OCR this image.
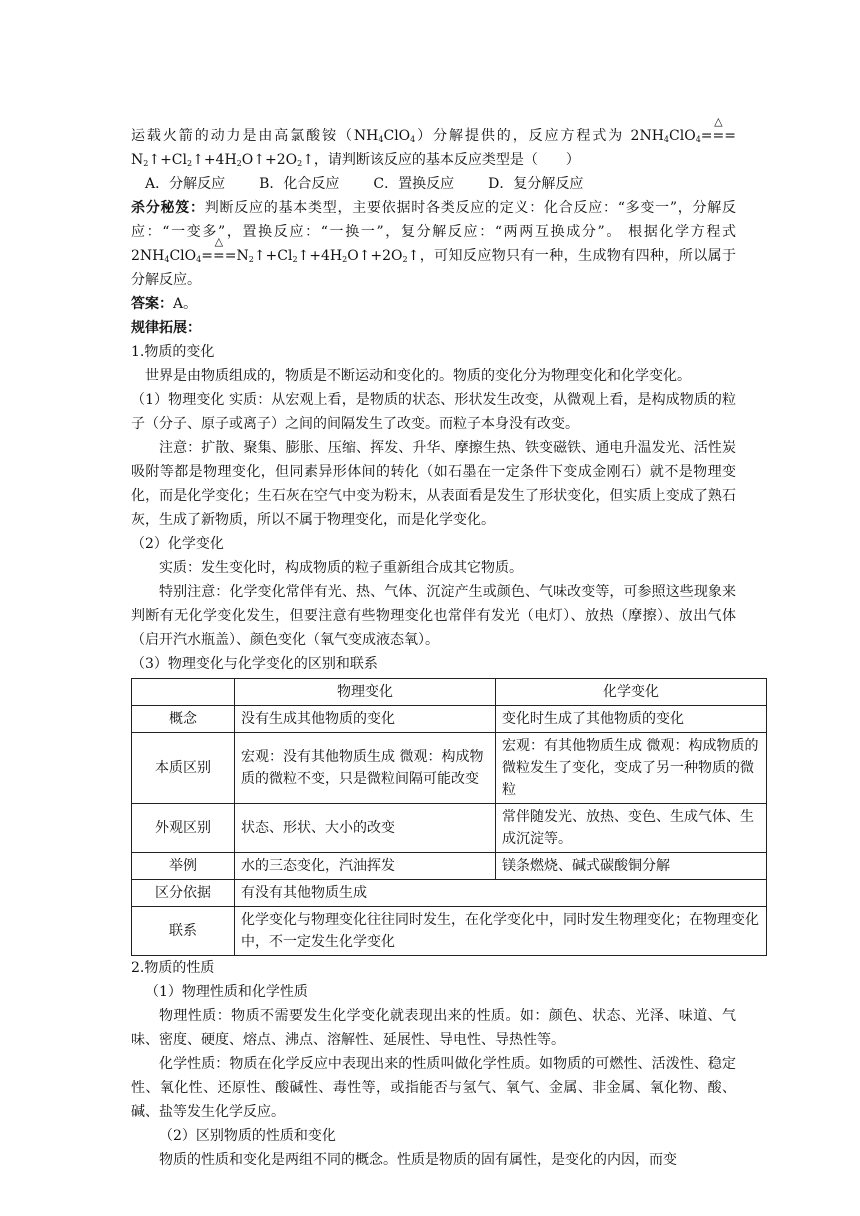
运载火箭的动力是由高氯酸铵$(NH_4ClO_4)$分解提供的，反应方程式为 $2NH_4ClO_4\triangle$ $===N_2↑+Cl_2↑+4H_2O↑+2O_2↑$，请判断该反应的基本反应类型是（　　）

A．分解反应 B．化合反应 C．置换反应 D．复分解反应

杀分秘笈：判断反应的基本类型，主要依据时各类反应的定义：化合反应：“多变一”，分解反应：“一变多”，置换反应：“一换一”，复分解反应：“两两互换成分”。 根据化学方程式 $2NH_4ClO_4\triangle$ $===N_2↑+Cl_2↑+4H_2O↑+2O_2↑$，可知反应物只有一种，生成物有四种，所以属于分解反应。

答案：A。

规律拓展：

1.物质的变化

世界是由物质组成的，物质是不断运动和变化的。物质的变化分为物理变化和化学变化。

（1）物理变化 实质：从宏观上看，是物质的状态、形状发生改变，从微观上看，是构成物质的粒子（分子、原子或离子）之间的间隔发生了改变。而粒子本身没有改变。

注意：扩散、聚集、膨胀、压缩、挥发、升华、摩擦生热、铁变磁铁、通电升温发光、活性炭吸附等都是物理变化，但同素异形体间的转化（如石墨在一定条件下变成金刚石）就不是物理变化，而是化学变化；生石灰在空气中变为粉末，从表面看是发生了形状变化，但实质上变成了熟石灰，生成了新物质，所以不属于物理变化，而是化学变化。

（2）化学变化

实质：发生变化时，构成物质的粒子重新组合成其它物质。

特别注意：化学变化常伴有光、热、气体、沉淀产生或颜色、气味改变等，可参照这些现象来判断有无化学变化发生，但要注意有些物理变化也常伴有发光（电灯）、放热（摩擦）、放出气体（启开汽水瓶盖）、颜色变化（氧气变成液态氧）。

（3）物理变化与化学变化的区别和联系

	物理变化	化学变化
概念	没有生成其他物质的变化	变化时生成了其他物质的变化
本质区别	宏观：没有其他物质生成 微观：构成物质的微粒不变，只是微粒间隔可能改变	宏观：有其他物质生成 微观：构成物质的微粒发生了变化，变成了另一种物质的微粒
外观区别	状态、形状、大小的改变	常伴随发光、放热、变色、生成气体、生成沉淀等。
举例	水的三态变化，汽油挥发	镁条燃烧、碱式碳酸铜分解
区分依据	有没有其他物质生成	
联系	化学变化与物理变化往往同时发生，在化学变化中，同时发生物理变化；在物理变化中，不一定发生化学变化	

2.物质的性质

（1）物理性质和化学性质

物理性质：物质不需要发生化学变化就表现出来的性质。如：颜色、状态、光泽、味道、气味、密度、硬度、熔点、沸点、溶解性、延展性、导电性、导热性等。

化学性质：物质在化学反应中表现出来的性质叫做化学性质。如物质的可燃性、活泼性、稳定性、氧化性、还原性、酸碱性、毒性等，或指能否与氢气、氧气、金属、非金属、氧化物、酸、碱、盐等发生化学反应。

（2）区别物质的性质和变化

物质的性质和变化是两组不同的概念。性质是物质的固有属性，是变化的内因，而变
